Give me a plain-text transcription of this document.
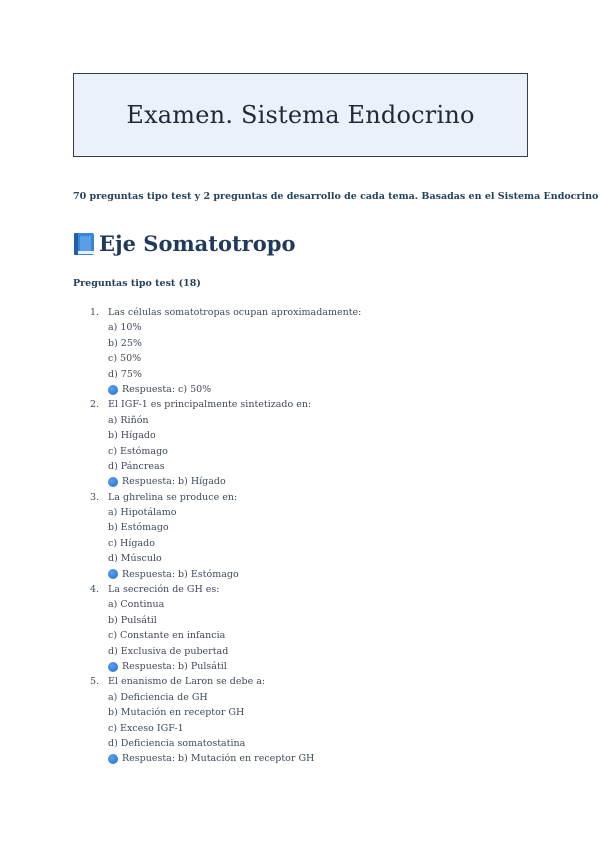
Examen. Sistema Endocrino
70 preguntas tipo test y 2 preguntas de desarrollo de cada tema. Basadas en el Sistema Endocrino
Eje Somatotropo
Preguntas tipo test (18)
1. Las células somatotropas ocupan aproximadamente:
a) 10%
b) 25%
c) 50%
d) 75%
Respuesta: c) 50%
2. El IGF-1 es principalmente sintetizado en:
a) Riñón
b) Hígado
c) Estómago
d) Páncreas
Respuesta: b) Hígado
3. La ghrelina se produce en:
a) Hipotálamo
b) Estómago
c) Hígado
d) Músculo
Respuesta: b) Estómago
4. La secreción de GH es:
a) Continua
b) Pulsátil
c) Constante en infancia
d) Exclusiva de pubertad
Respuesta: b) Pulsátil
5. El enanismo de Laron se debe a:
a) Deficiencia de GH
b) Mutación en receptor GH
c) Exceso IGF-1
d) Deficiencia somatostatina
Respuesta: b) Mutación en receptor GH
